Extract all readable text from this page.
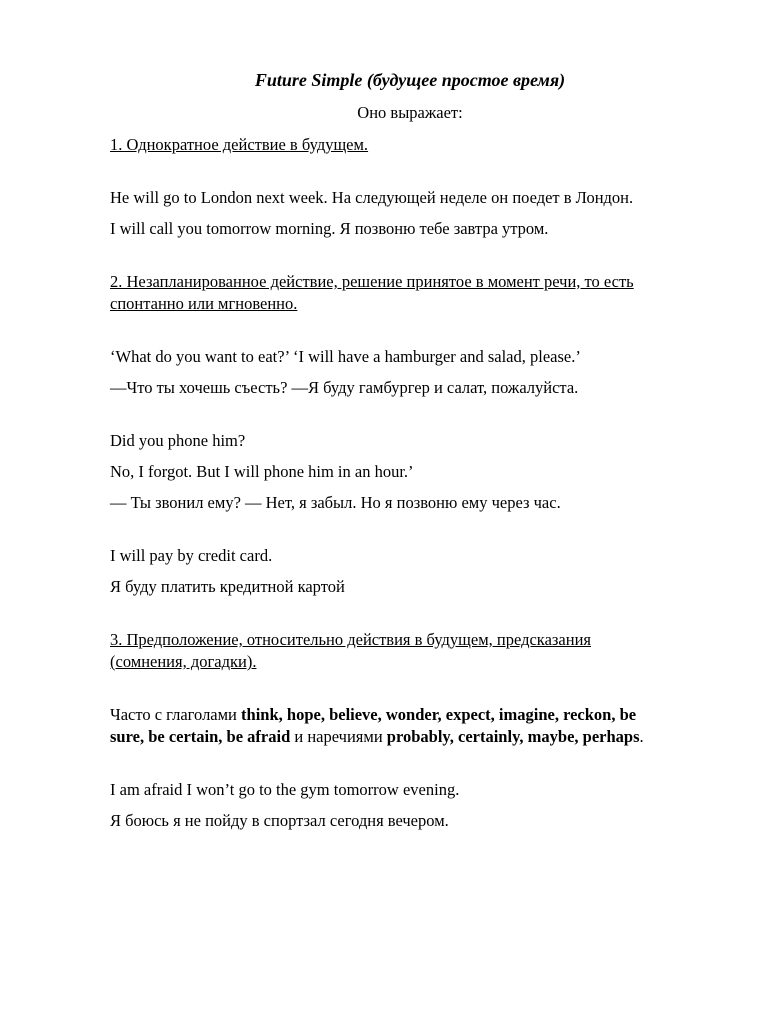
Future Simple (будущее простое время)

Оно выражает:

1. Однократное действие в будущем.

He will go to London next week. На следующей неделе он поедет в Лондон.

I will call you tomorrow morning. Я позвоню тебе завтра утром.

2. Незапланированное действие, решение принятое в момент речи, то есть

спонтанно или мгновенно.

‘What do you want to eat?’ ‘I will have a hamburger and salad, please.’

—Что ты хочешь съесть? —Я буду гамбургер и салат, пожалуйста.

Did you phone him?

No, I forgot. But I will phone him in an hour.’

— Ты звонил ему? — Нет, я забыл. Но я позвоню ему через час.

I will pay by credit card.

Я буду платить кредитной картой

3. Предположение, относительно действия в будущем, предсказания

(сомнения, догадки).

Часто с глаголами think, hope, believe, wonder, expect, imagine, reckon, be

sure, be certain, be afraid и наречиями probably, certainly, maybe, perhaps.

I am afraid I won’t go to the gym tomorrow evening.

Я боюсь я не пойду в спортзал сегодня вечером.
